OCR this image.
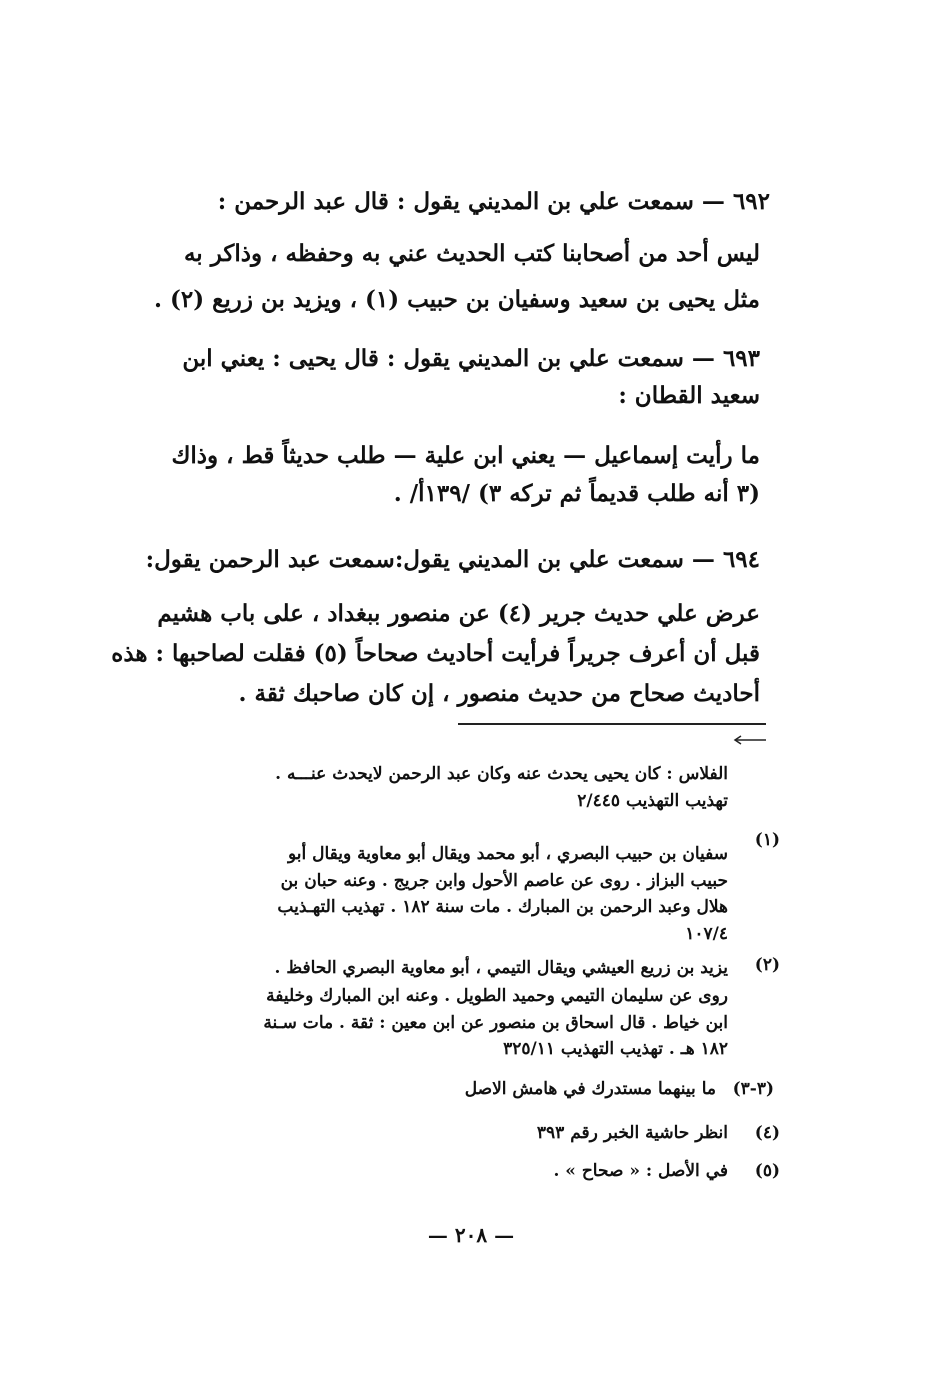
٦٩٢ — سمعت علي بن المديني يقول : قال عبد الرحمن :
ليس أحد من أصحابنا كتب الحديث عني به وحفظه ، وذاكر به
مثل يحيى بن سعيد وسفيان بن حبيب (١) ، ويزيد بن زريع (٢) .
٦٩٣ — سمعت علي بن المديني يقول : قال يحيى : يعني ابن
سعيد القطان :
ما رأيت إسماعيل — يعني ابن علية — طلب حديثاً قط ، وذاك
(٣ أنه طلب قديماً ثم تركه ٣) /١٣٩أ/ .
٦٩٤ — سمعت علي بن المديني يقول:سمعت عبد الرحمن يقول:
عرض علي حديث جرير (٤) عن منصور ببغداد ، على باب هشيم
قبل أن أعرف جريراً فرأيت أحاديث صحاحاً (٥) فقلت لصاحبها : هذه
أحاديث صحاح من حديث منصور ، إن كان صاحبك ثقة .
الفلاس : كان يحيى يحدث عنه وكان عبد الرحمن لايحدث عنـــه .
تهذيب التهذيب ٢/٤٤٥
(١)
سفيان بن حبيب البصري ، أبو محمد ويقال أبو معاوية ويقال أبو
حبيب البزاز . روى عن عاصم الأحول وابن جريج . وعنه حبان بن
هلال وعبد الرحمن بن المبارك . مات سنة ١٨٢ . تهذيب التهـذيب
١٠٧/٤
(٢)
يزيد بن زريع العيشي ويقال التيمي ، أبو معاوية البصري الحافظ .
روى عن سليمان التيمي وحميد الطويل . وعنه ابن المبارك وخليفة
ابن خياط . قال اسحاق بن منصور عن ابن معين : ثقة . مات سـنة
١٨٢ هـ . تهذيب التهذيب ٣٢٥/١١
(٣-٣)
ما بينهما مستدرك في هامش الاصل
(٤)
انظر حاشية الخبر رقم ٣٩٣
(٥)
في الأصل : « صحاح » .
— ٢٠٨ —
